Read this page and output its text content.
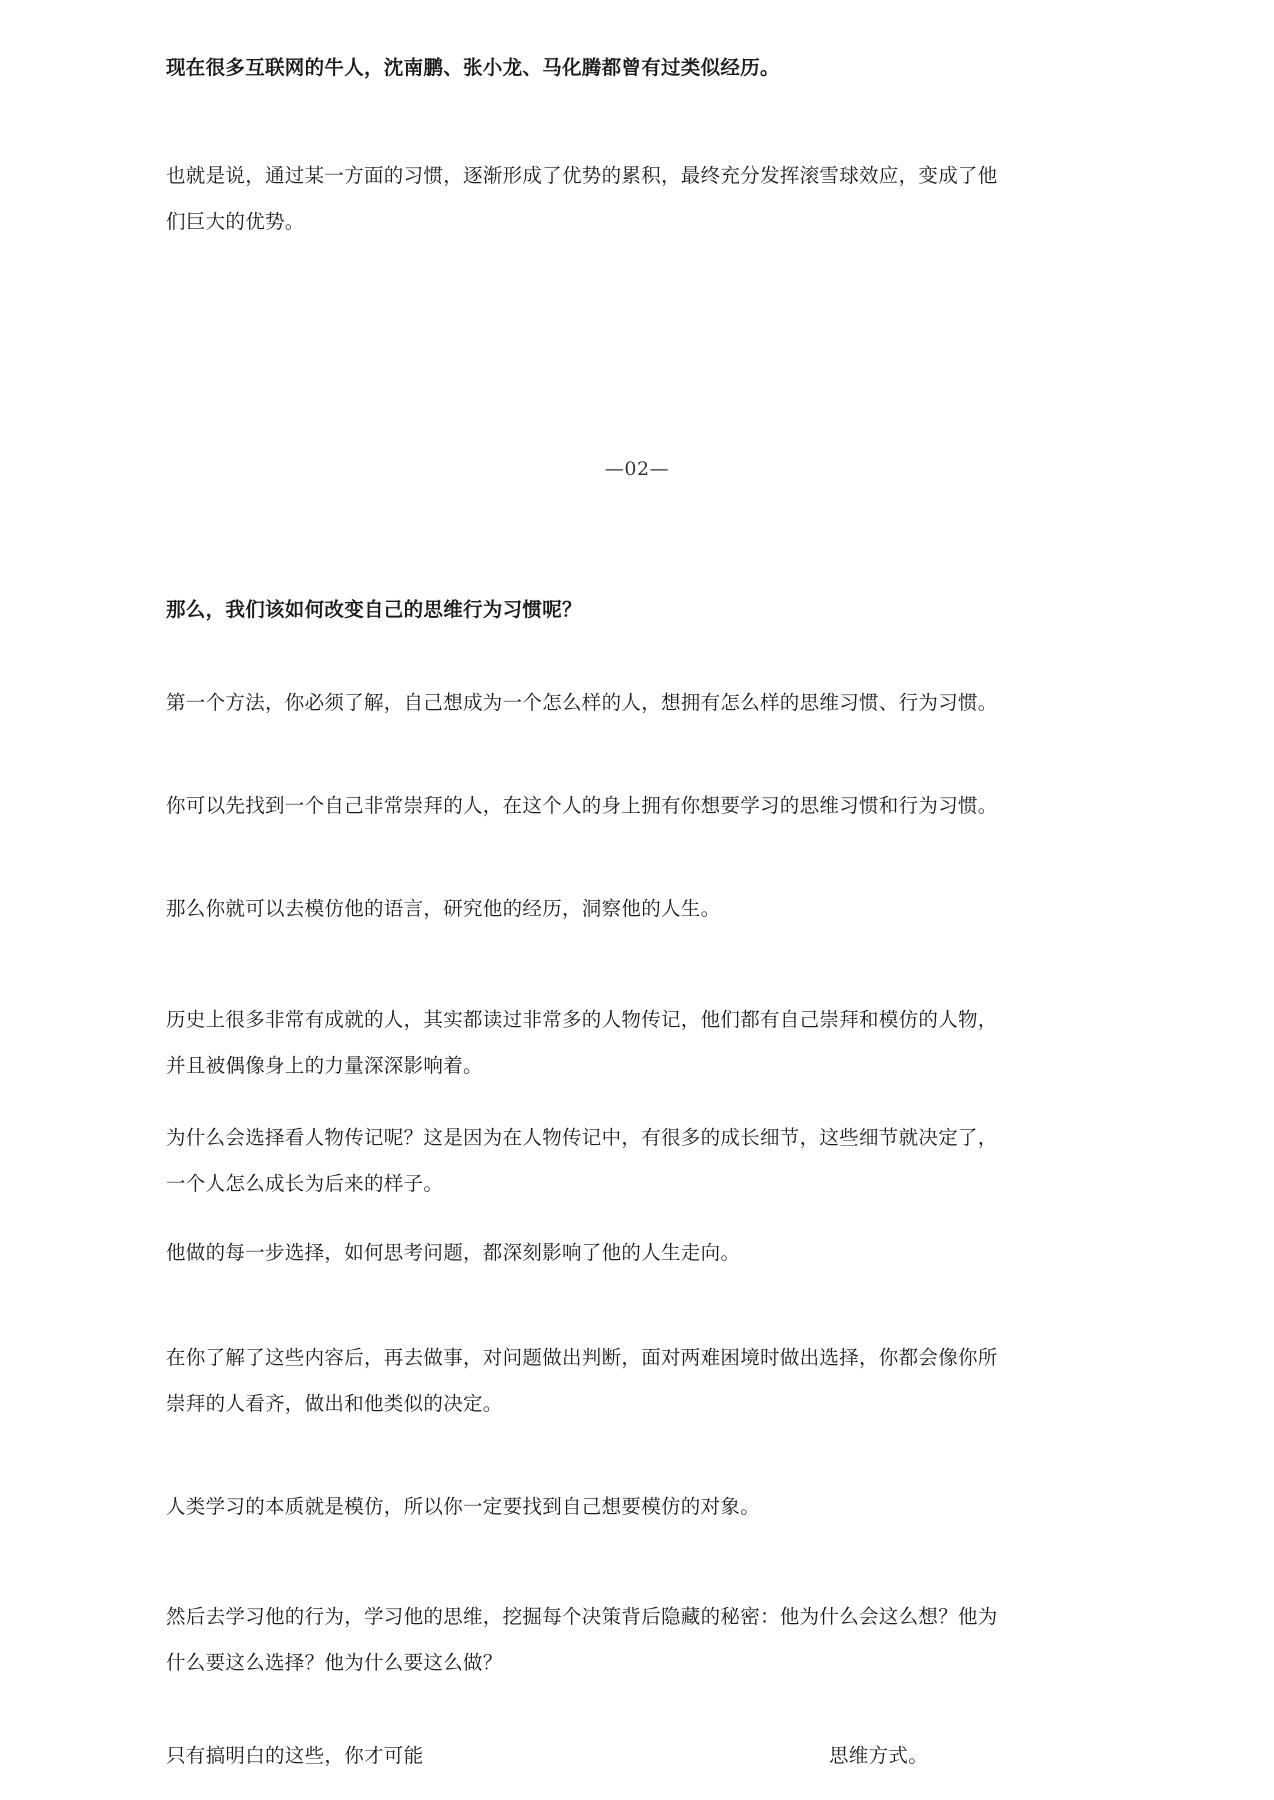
现在很多互联网的牛人，沈南鹏、张小龙、马化腾都曾有过类似经历。

也就是说，通过某一方面的习惯，逐渐形成了优势的累积，最终充分发挥滚雪球效应，变成了他
们巨大的优势。

—02—

那么，我们该如何改变自己的思维行为习惯呢？

第一个方法，你必须了解，自己想成为一个怎么样的人，想拥有怎么样的思维习惯、行为习惯。

你可以先找到一个自己非常崇拜的人，在这个人的身上拥有你想要学习的思维习惯和行为习惯。

那么你就可以去模仿他的语言，研究他的经历，洞察他的人生。

历史上很多非常有成就的人，其实都读过非常多的人物传记，他们都有自己崇拜和模仿的人物，
并且被偶像身上的力量深深影响着。

为什么会选择看人物传记呢？这是因为在人物传记中，有很多的成长细节，这些细节就决定了，
一个人怎么成长为后来的样子。

他做的每一步选择，如何思考问题，都深刻影响了他的人生走向。

在你了解了这些内容后，再去做事，对问题做出判断，面对两难困境时做出选择，你都会像你所
崇拜的人看齐，做出和他类似的决定。

人类学习的本质就是模仿，所以你一定要找到自己想要模仿的对象。

然后去学习他的行为，学习他的思维，挖掘每个决策背后隐藏的秘密：他为什么会这么想？他为
什么要这么选择？他为什么要这么做？

只有搞明白的这些，你才可能	思维方式。
